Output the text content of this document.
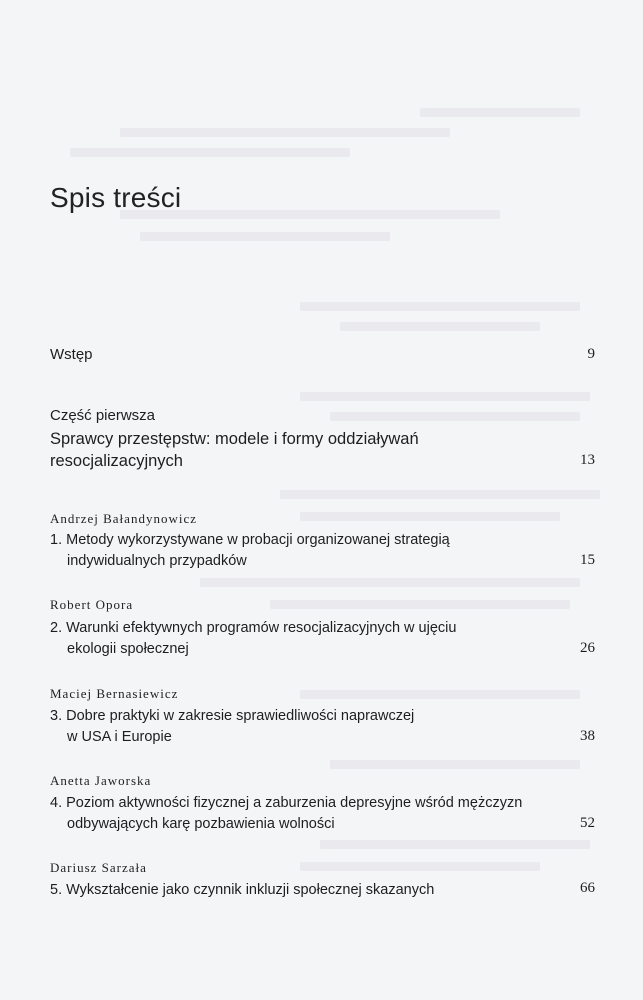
Spis treści
Wstęp	9
Część pierwsza
Sprawcy przestępstw: modele i formy oddziaływań
resocjalizacyjnych	13
Andrzej Bałandynowicz
1. Metody wykorzystywane w probacji organizowanej strategią
indywidualnych przypadków	15
Robert Opora
2. Warunki efektywnych programów resocjalizacyjnych w ujęciu
ekologii społecznej	26
Maciej Bernasiewicz
3. Dobre praktyki w zakresie sprawiedliwości naprawczej
w USA i Europie	38
Anetta Jaworska
4. Poziom aktywności fizycznej a zaburzenia depresyjne wśród mężczyzn
odbywających karę pozbawienia wolności	52
Dariusz Sarzała
5. Wykształcenie jako czynnik inkluzji społecznej skazanych	66
